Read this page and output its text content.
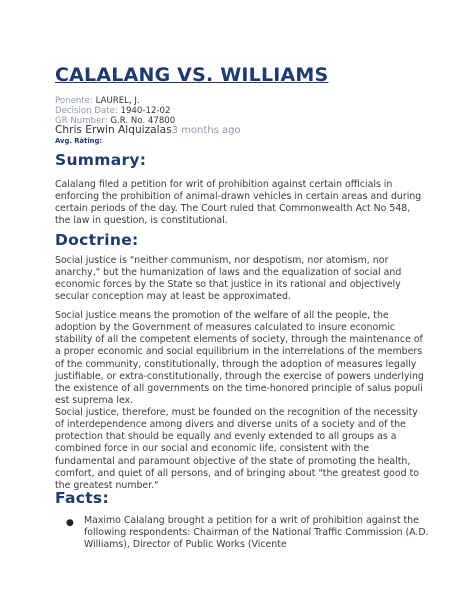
CALALANG VS. WILLIAMS
Ponente: LAUREL, J.
Decision Date: 1940-12-02
GR Number: G.R. No. 47800
Chris Erwin Alquizalas3 months ago
Avg. Rating:
Summary:

Calalang filed a petition for writ of prohibition against certain officials in enforcing the prohibition of animal-drawn vehicles in certain areas and during certain periods of the day. The Court ruled that Commonwealth Act No 548, the law in question, is constitutional.

Doctrine:

Social justice is "neither communism, nor despotism, nor atomism, nor anarchy," but the humanization of laws and the equalization of social and economic forces by the State so that justice in its rational and objectively secular conception may at least be approximated.

Social justice means the promotion of the welfare of all the people, the adoption by the Government of measures calculated to insure economic stability of all the competent elements of society, through the maintenance of a proper economic and social equilibrium in the interrelations of the members of the community, constitutionally, through the adoption of measures legally justifiable, or extra-constitutionally, through the exercise of powers underlying the existence of all governments on the time-honored principle of salus populi est suprema lex.

Social justice, therefore, must be founded on the recognition of the necessity of interdependence among divers and diverse units of a society and of the protection that should be equally and evenly extended to all groups as a combined force in our social and economic life, consistent with the fundamental and paramount objective of the state of promoting the health, comfort, and quiet of all persons, and of bringing about "the greatest good to the greatest number."

Facts:
●	Maximo Calalang brought a petition for a writ of prohibition against the following respondents: Chairman of the National Traffic Commission (A.D. Williams), Director of Public Works (Vicente
